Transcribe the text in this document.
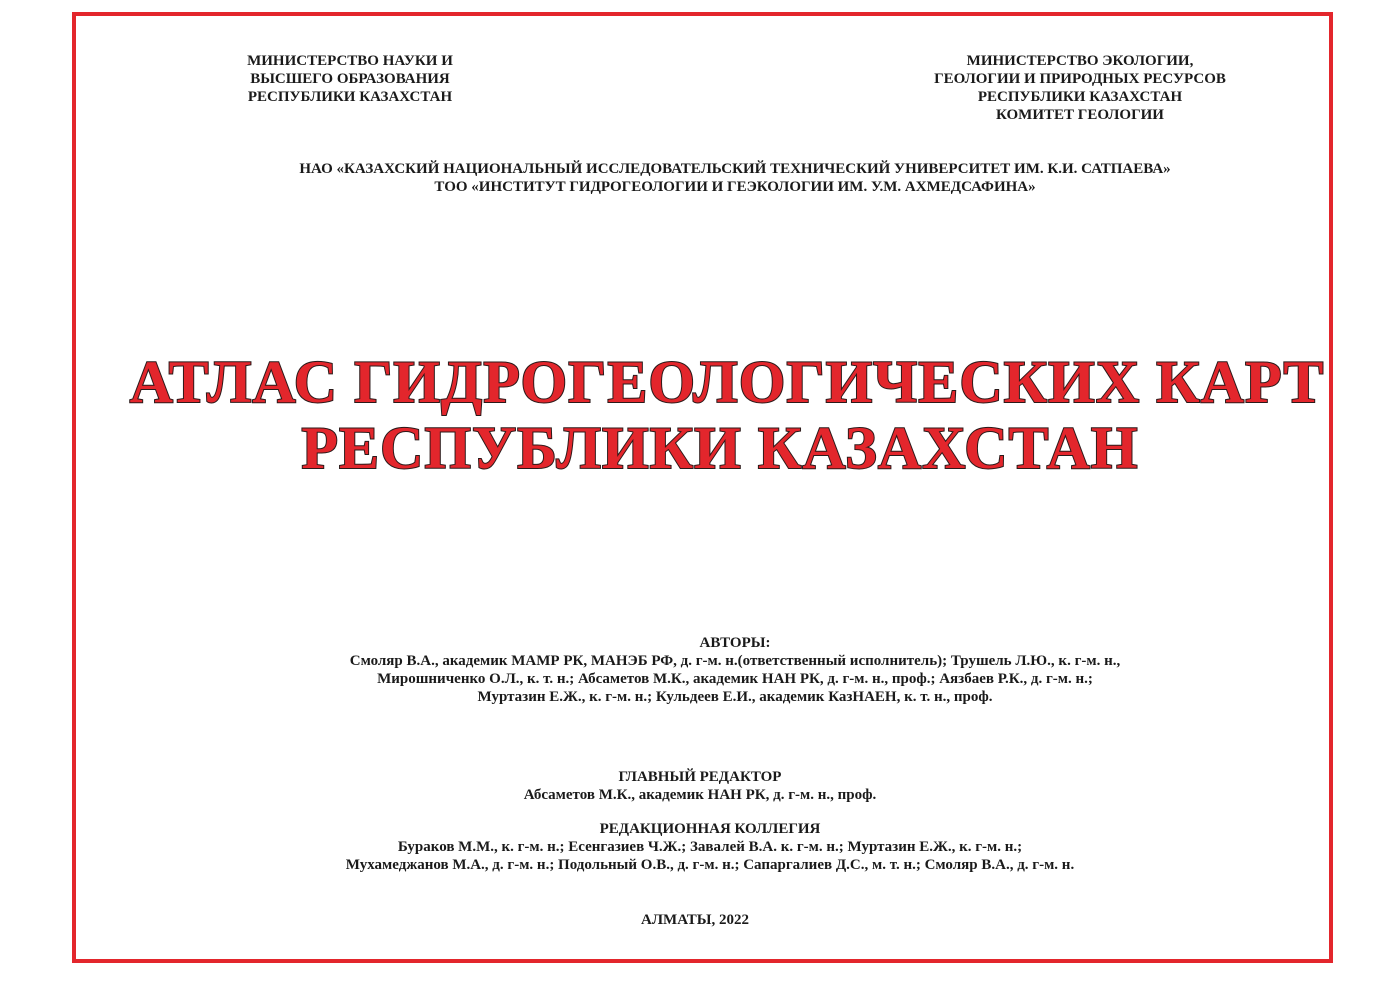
МИНИСТЕРСТВО НАУКИ И
ВЫСШЕГО ОБРАЗОВАНИЯ
РЕСПУБЛИКИ КАЗАХСТАН
МИНИСТЕРСТВО ЭКОЛОГИИ,
ГЕОЛОГИИ И ПРИРОДНЫХ РЕСУРСОВ
РЕСПУБЛИКИ КАЗАХСТАН
КОМИТЕТ ГЕОЛОГИИ
НАО «КАЗАХСКИЙ НАЦИОНАЛЬНЫЙ ИССЛЕДОВАТЕЛЬСКИЙ ТЕХНИЧЕСКИЙ УНИВЕРСИТЕТ ИМ. К.И. САТПАЕВА»
ТОО «ИНСТИТУТ ГИДРОГЕОЛОГИИ И ГЕЭКОЛОГИИ ИМ. У.М. АХМЕДСАФИНА»
АТЛАС ГИДРОГЕОЛОГИЧЕСКИХ КАРТ
РЕСПУБЛИКИ КАЗАХСТАН
АВТОРЫ:
Смоляр В.А., академик МАМР РК, МАНЭБ РФ, д. г-м. н.(ответственный исполнитель); Трушель Л.Ю., к. г-м. н.,
Мирошниченко О.Л., к. т. н.; Абсаметов М.К., академик НАН РК, д. г-м. н., проф.; Аязбаев Р.К., д. г-м. н.;
Муртазин Е.Ж., к. г-м. н.; Кульдеев Е.И., академик КазНАЕН, к. т. н., проф.
ГЛАВНЫЙ РЕДАКТОР
Абсаметов М.К., академик НАН РК, д. г-м. н., проф.
РЕДАКЦИОННАЯ КОЛЛЕГИЯ
Бураков М.М., к. г-м. н.; Есенгазиев Ч.Ж.; Завалей В.А. к. г-м. н.; Муртазин Е.Ж., к. г-м. н.;
Мухамеджанов М.А., д. г-м. н.; Подольный О.В., д. г-м. н.; Сапаргалиев Д.С., м. т. н.; Смоляр В.А., д. г-м. н.
АЛМАТЫ, 2022
